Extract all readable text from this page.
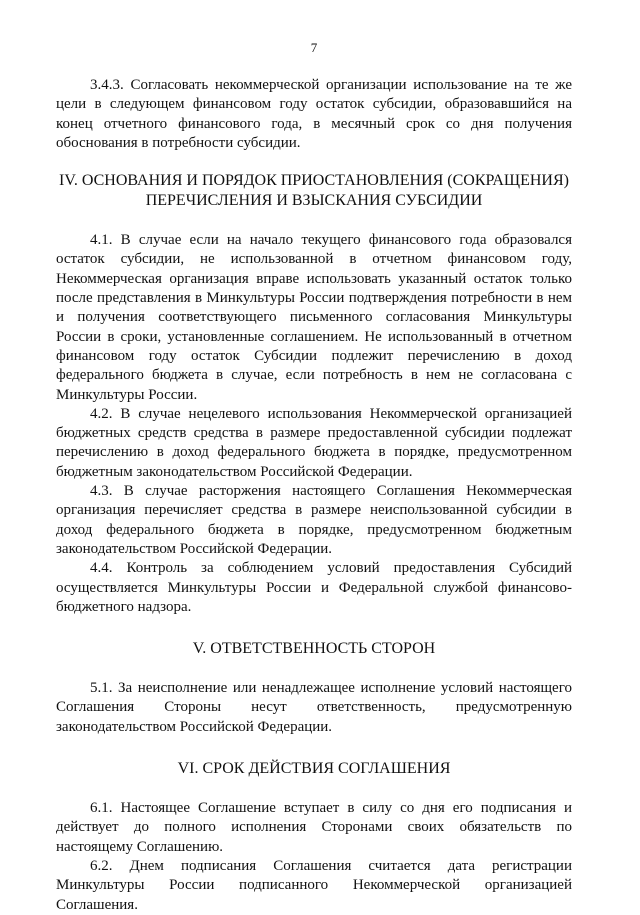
7

3.4.3. Согласовать некоммерческой организации использование на те же цели в следующем финансовом году остаток субсидии, образовавшийся на конец отчетного финансового года, в месячный срок со дня получения обоснования в потребности субсидии.

IV. ОСНОВАНИЯ И ПОРЯДОК ПРИОСТАНОВЛЕНИЯ (СОКРАЩЕНИЯ)
ПЕРЕЧИСЛЕНИЯ И ВЗЫСКАНИЯ СУБСИДИИ

4.1. В случае если на начало текущего финансового года образовался остаток субсидии, не использованной в отчетном финансовом году, Некоммерческая организация вправе использовать указанный остаток только после представления в Минкультуры России подтверждения потребности в нем и получения соответствующего письменного согласования Минкультуры России в сроки, установленные соглашением. Не использованный в отчетном финансовом году остаток Субсидии подлежит перечислению в доход федерального бюджета в случае, если потребность в нем не согласована с Минкультуры России.

4.2. В случае нецелевого использования Некоммерческой организацией бюджетных средств средства в размере предоставленной субсидии подлежат перечислению в доход федерального бюджета в порядке, предусмотренном бюджетным законодательством Российской Федерации.

4.3. В случае расторжения настоящего Соглашения Некоммерческая организация перечисляет средства в размере неиспользованной субсидии в доход федерального бюджета в порядке, предусмотренном бюджетным законодательством Российской Федерации.

4.4. Контроль за соблюдением условий предоставления Субсидий осуществляется Минкультуры России и Федеральной службой финансово-бюджетного надзора.

V. ОТВЕТСТВЕННОСТЬ СТОРОН

5.1. За неисполнение или ненадлежащее исполнение условий настоящего Соглашения Стороны несут ответственность, предусмотренную законодательством Российской Федерации.

VI. СРОК ДЕЙСТВИЯ СОГЛАШЕНИЯ

6.1. Настоящее Соглашение вступает в силу со дня его подписания и действует до полного исполнения Сторонами своих обязательств по настоящему Соглашению.

6.2. Днем подписания Соглашения считается дата регистрации Минкультуры России подписанного Некоммерческой организацией Соглашения.
